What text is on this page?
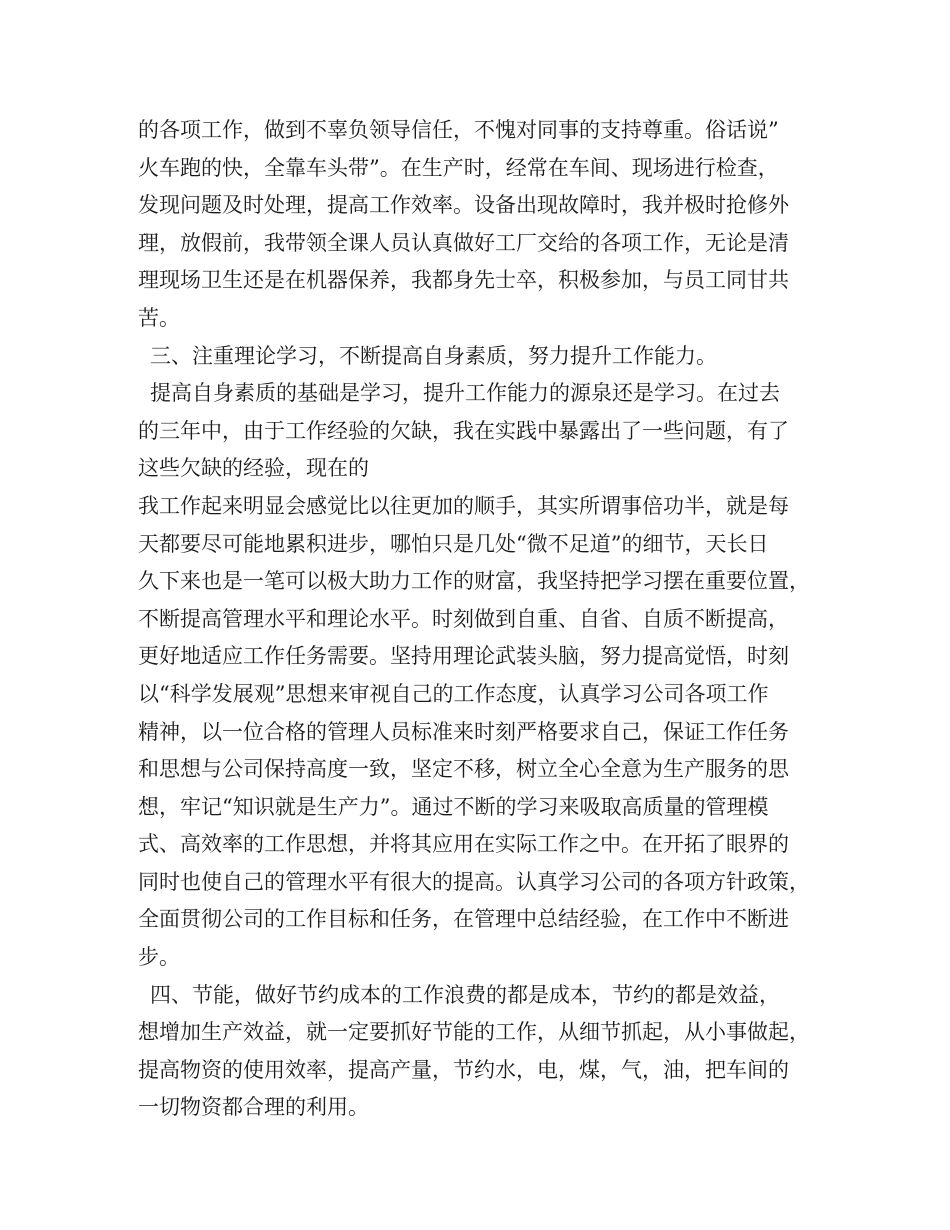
的各项工作，做到不辜负领导信任，不愧对同事的支持尊重。俗话说”
火车跑的快，全靠车头带”。在生产时，经常在车间、现场进行检查，
发现问题及时处理，提高工作效率。设备出现故障时，我并极时抢修外
理，放假前，我带领全课人员认真做好工厂交给的各项工作，无论是清
理现场卫生还是在机器保养，我都身先士卒，积极参加，与员工同甘共
苦。
三、注重理论学习，不断提高自身素质，努力提升工作能力。
提高自身素质的基础是学习，提升工作能力的源泉还是学习。在过去
的三年中，由于工作经验的欠缺，我在实践中暴露出了一些问题，有了
这些欠缺的经验，现在的
我工作起来明显会感觉比以往更加的顺手，其实所谓事倍功半，就是每
天都要尽可能地累积进步，哪怕只是几处“微不足道”的细节，天长日
久下来也是一笔可以极大助力工作的财富，我坚持把学习摆在重要位置，
不断提高管理水平和理论水平。时刻做到自重、自省、自质不断提高，
更好地适应工作任务需要。坚持用理论武装头脑，努力提高觉悟，时刻
以“科学发展观”思想来审视自己的工作态度，认真学习公司各项工作
精神，以一位合格的管理人员标准来时刻严格要求自己，保证工作任务
和思想与公司保持高度一致，坚定不移，树立全心全意为生产服务的思
想，牢记“知识就是生产力”。通过不断的学习来吸取高质量的管理模
式、高效率的工作思想，并将其应用在实际工作之中。在开拓了眼界的
同时也使自己的管理水平有很大的提高。认真学习公司的各项方针政策，
全面贯彻公司的工作目标和任务，在管理中总结经验，在工作中不断进
步。
四、节能，做好节约成本的工作浪费的都是成本，节约的都是效益，
想增加生产效益，就一定要抓好节能的工作，从细节抓起，从小事做起，
提高物资的使用效率，提高产量，节约水，电，煤，气，油，把车间的
一切物资都合理的利用。
